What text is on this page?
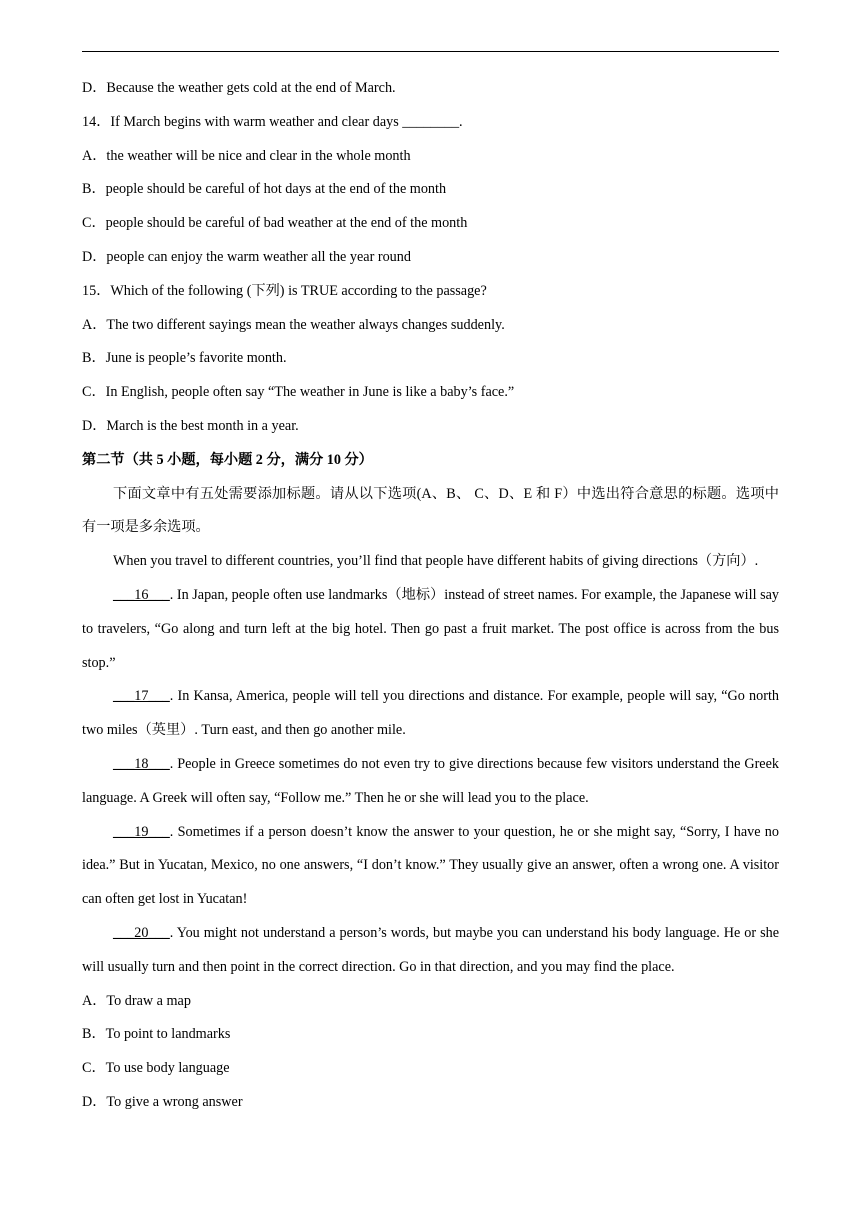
D．Because the weather gets cold at the end of March.
14．If March begins with warm weather and clear days ________.
A．the weather will be nice and clear in the whole month
B．people should be careful of hot days at the end of the month
C．people should be careful of bad weather at the end of the month
D．people can enjoy the warm weather all the year round
15．Which of the following (下列) is TRUE according to the passage?
A．The two different sayings mean the weather always changes suddenly.
B．June is people’s favorite month.
C．In English, people often say “The weather in June is like a baby’s face.”
D．March is the best month in a year.
第二节（共 5 小题，每小题 2 分，满分 10 分）
下面文章中有五处需要添加标题。请从以下选项(A、B、 C、D、E 和 F）中选出符合意思的标题。选项中有一项是多余选项。
When you travel to different countries, you’ll find that people have different habits of giving directions（方向）.
___16___. In Japan, people often use landmarks（地标）instead of street names. For example, the Japanese will say to travelers, “Go along and turn left at the big hotel. Then go past a fruit market. The post office is across from the bus stop.”
___17___. In Kansa, America, people will tell you directions and distance. For example, people will say, “Go north two miles（英里）. Turn east, and then go another mile.
___18___. People in Greece sometimes do not even try to give directions because few visitors understand the Greek language. A Greek will often say, “Follow me.” Then he or she will lead you to the place.
___19___. Sometimes if a person doesn’t know the answer to your question, he or she might say, “Sorry, I have no idea.” But in Yucatan, Mexico, no one answers, “I don’t know.” They usually give an answer, often a wrong one. A visitor can often get lost in Yucatan!
___20___. You might not understand a person’s words, but maybe you can understand his body language. He or she will usually turn and then point in the correct direction. Go in that direction, and you may find the place.
A．To draw a map
B．To point to landmarks
C．To use body language
D．To give a wrong answer
